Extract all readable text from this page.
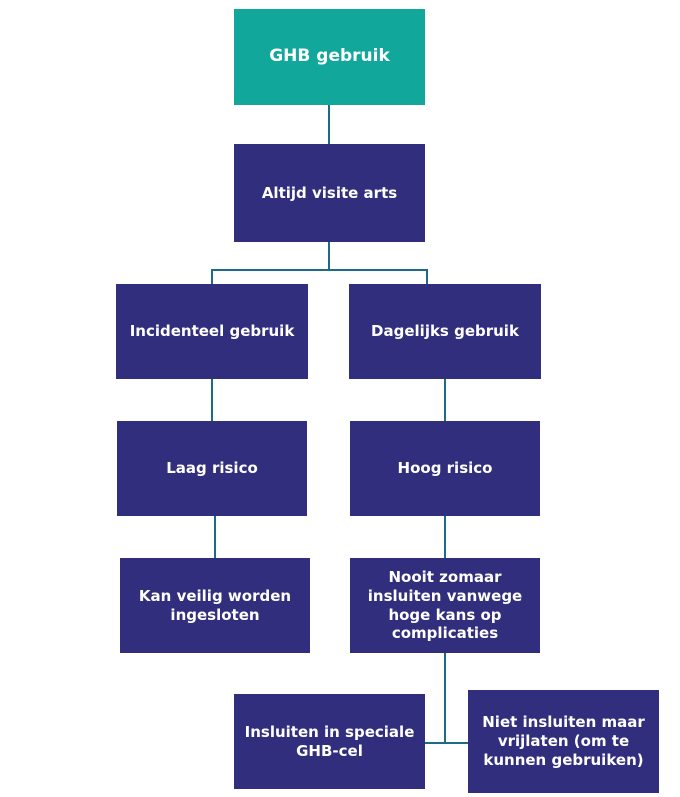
GHB gebruik
Altijd visite arts
Incidenteel gebruik	Dagelijks gebruik
Laag risico	Hoog risico
Kan veilig worden ingesloten
Nooit zomaar insluiten vanwege hoge kans op complicaties
Insluiten in speciale GHB-cel
Niet insluiten maar vrijlaten (om te kunnen gebruiken)
